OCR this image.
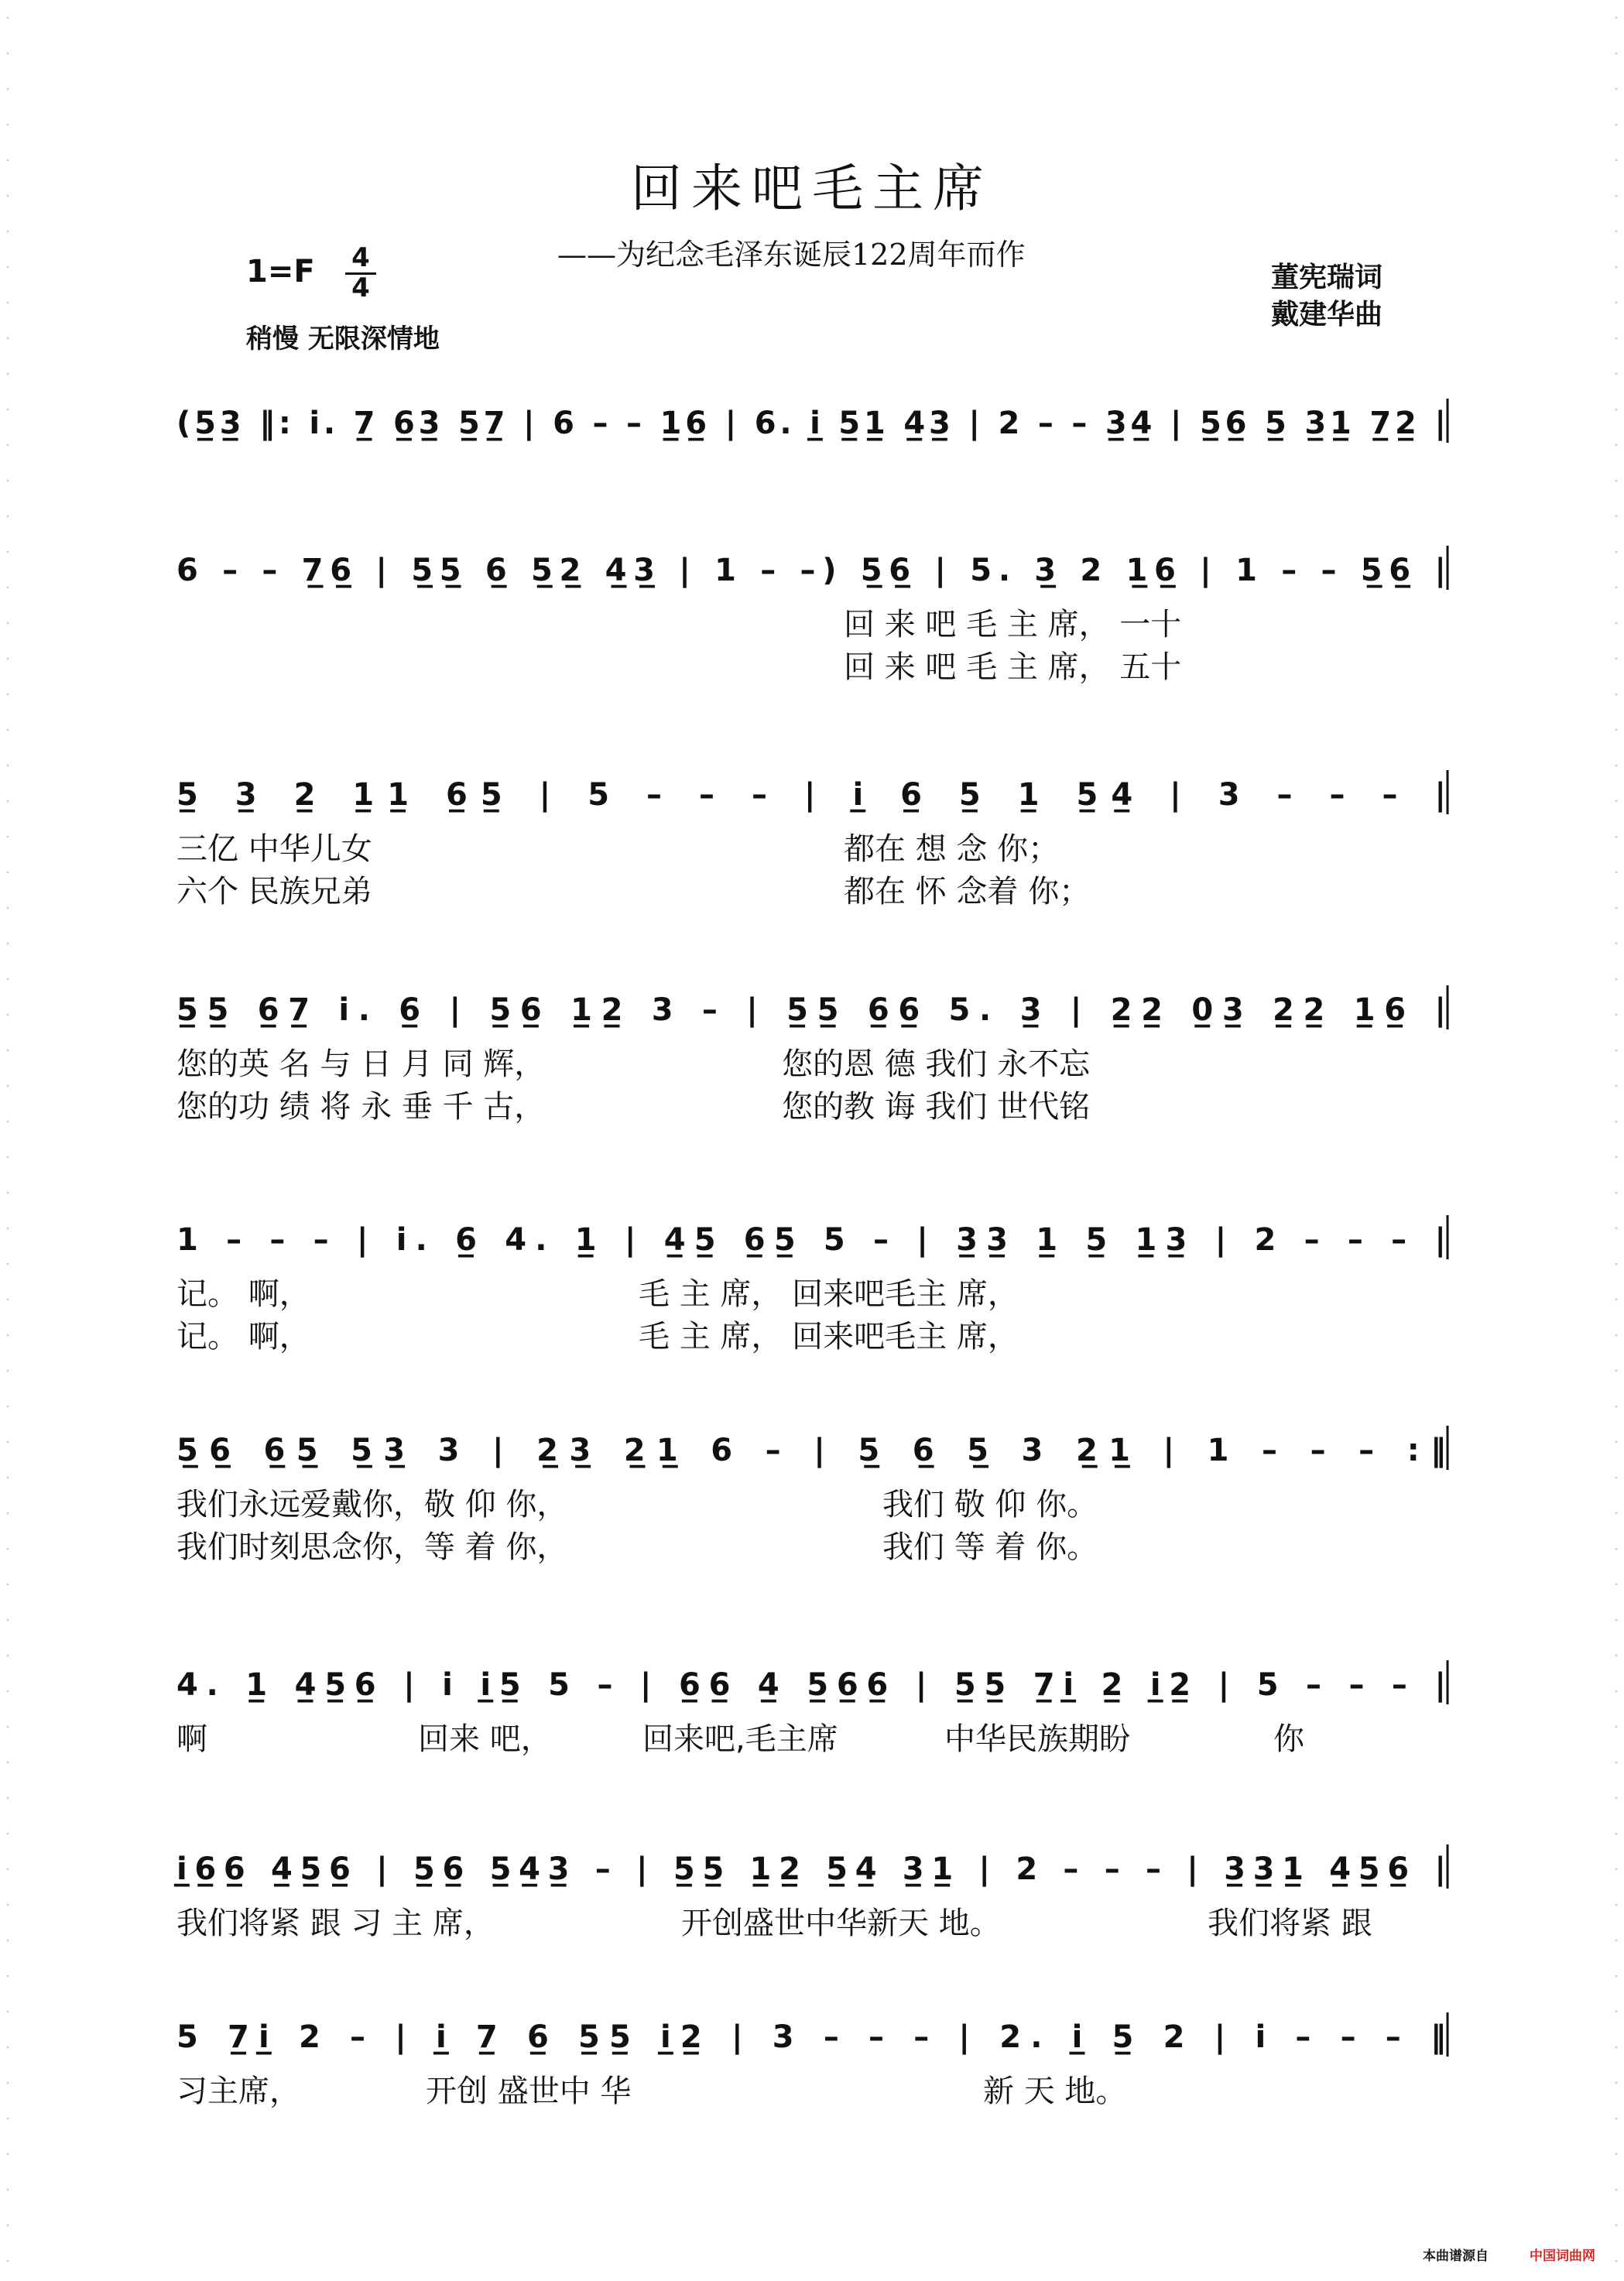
回来吧毛主席
——为纪念毛泽东诞辰122周年而作
1=F 4
4
稍慢 无限深情地
董宪瑞词
戴建华曲
(5̲3̲ ‖: i. 7̲ 6̲3̲ 5̲7̲ | 6 – – 1̲6̲ | 6. i̲ 5̲1̲ 4̲3̲ | 2 – – 3̲4̲ | 5̲6̲ 5̲ 3̲1̲ 7̲2̲ |
6 – – 7̲6̲ | 5̲5̲ 6̲ 5̲2̲ 4̲3̲ | 1 – –) 5̲6̲ | 5. 3̲ 2 1̲6̲ | 1 – – 5̲6̲ |
回 来 吧 毛 主 席， 一十
回 来 吧 毛 主 席， 五十
5̲ 3̲ 2̲ 1̲1̲ 6̲5̲ | 5 – – – | i̲ 6̲ 5̲ 1̲ 5̲4̲ | 3 – – – |
三亿 中华儿女
六个 民族兄弟
都在 想 念 你；
都在 怀 念着 你；
5̲5̲ 6̲7̲ i. 6̲ | 5̲6̲ 1̲2̲ 3 – | 5̲5̲ 6̲6̲ 5. 3̲ | 2̲2̲ 0̲3̲ 2̲2̲ 1̲6̲ |
您的英 名 与 日 月 同 辉，
您的功 绩 将 永 垂 千 古，
您的恩 德 我们 永不忘
您的教 诲 我们 世代铭
1 – – – | i. 6̲ 4. 1̲ | 4̲5̲ 6̲5̲ 5 – | 3̲3̲ 1̲ 5̲ 1̲3̲ | 2 – – – |
记。 啊，
记。 啊，
毛 主 席， 回来吧毛主 席，
毛 主 席， 回来吧毛主 席，
5̲6̲ 6̲5̲ 5̲3̲ 3 | 2̲3̲ 2̲1̲ 6 – | 5̲ 6̲ 5̲ 3 2̲1̲ | 1 – – – :‖
我们永远爱戴你，敬 仰 你，
我们时刻思念你，等 着 你，
我们 敬 仰 你。
我们 等 着 你。
4. 1̲ 4̲5̲6̲ | i i̲5̲ 5 – | 6̲6̲ 4̲ 5̲6̲6̲ | 5̲5̲ 7̲i̲ 2̲ i̲2̲ | 5 – – – |
啊	回来 吧，	回来吧,毛主席	中华民族期盼	你
i̲6̲6̲ 4̲5̲6̲ | 5̲6̲ 5̲4̲3̲ – | 5̲5̲ 1̲2̲ 5̲4̲ 3̲1̲ | 2 – – – | 3̲3̲1̲ 4̲5̲6̲ |
我们将紧 跟 习 主 席，	开创盛世中华新天 地。	我们将紧 跟
5 7̲i̲ 2 – | i̲ 7̲ 6̲ 5̲5̲ i̲2̲ | 3 – – – | 2. i̲ 5̲ 2 | i – – – ‖
习主席，	开创 盛世中 华	新 天 地。
本曲谱源自	中国词曲网
